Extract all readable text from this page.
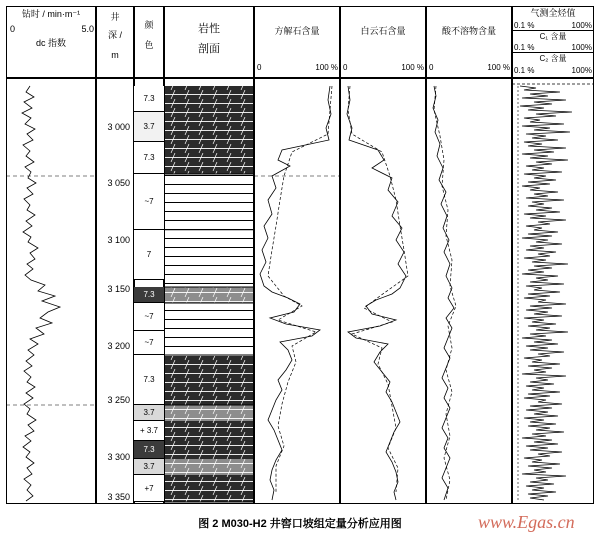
钻时 / min·m⁻¹
0	5.0
dc 指数
井
深 /
m
颜
色
岩性
剖面
方解石含量
0	100 %
白云石含量
0	100 %
酸不溶物含量
0	100 %
气测全烃值
0.1 %	100%
C₁ 含量
0.1 %	100%
C₂ 含量
0.1 %	100%
3 000
3 050
3 100
3 150
3 200
3 250
3 300
3 350
7.3
3.7
7.3
~7
7
7.3
~7
~7
7.3
3.7
+ 3.7
7.3
3.7
+7
图 2 M030-H2 井窖口坡组定量分析应用图	www.Egas.cn
